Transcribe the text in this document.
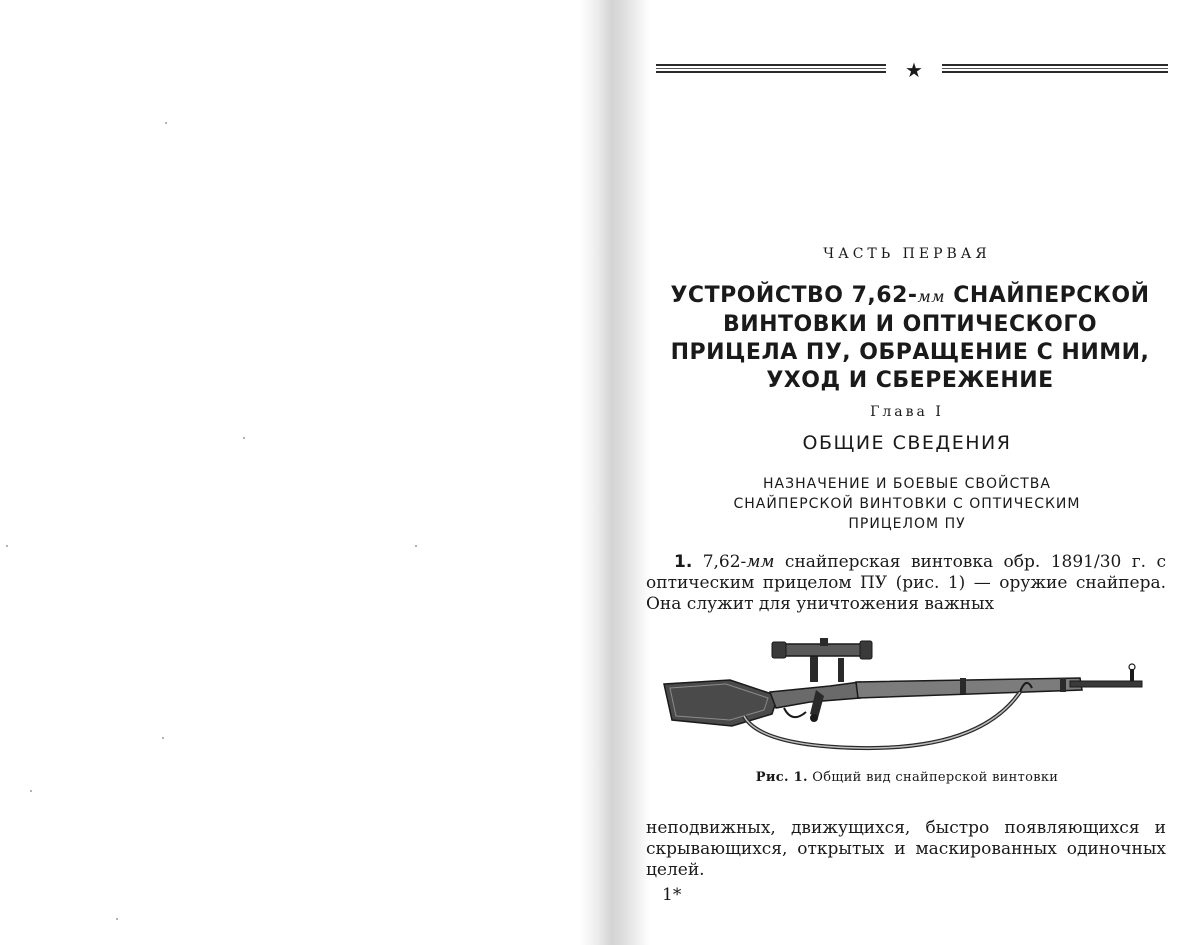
★
ЧАСТЬ ПЕРВАЯ
УСТРОЙСТВО 7,62-мм СНАЙПЕРСКОЙ
ВИНТОВКИ И ОПТИЧЕСКОГО
ПРИЦЕЛА ПУ, ОБРАЩЕНИЕ С НИМИ,
УХОД И СБЕРЕЖЕНИЕ
Глава I
ОБЩИЕ СВЕДЕНИЯ
НАЗНАЧЕНИЕ И БОЕВЫЕ СВОЙСТВА
СНАЙПЕРСКОЙ ВИНТОВКИ С ОПТИЧЕСКИМ
ПРИЦЕЛОМ ПУ
1. 7,62-мм снайперская винтовка обр. 1891/30 г. с оптическим прицелом ПУ (рис. 1) — оружие снайпера. Она служит для уничтожения важных
Рис. 1. Общий вид снайперской винтовки
неподвижных, движущихся, быстро появляющихся и скрывающихся, открытых и маскированных одиночных целей.
1*
